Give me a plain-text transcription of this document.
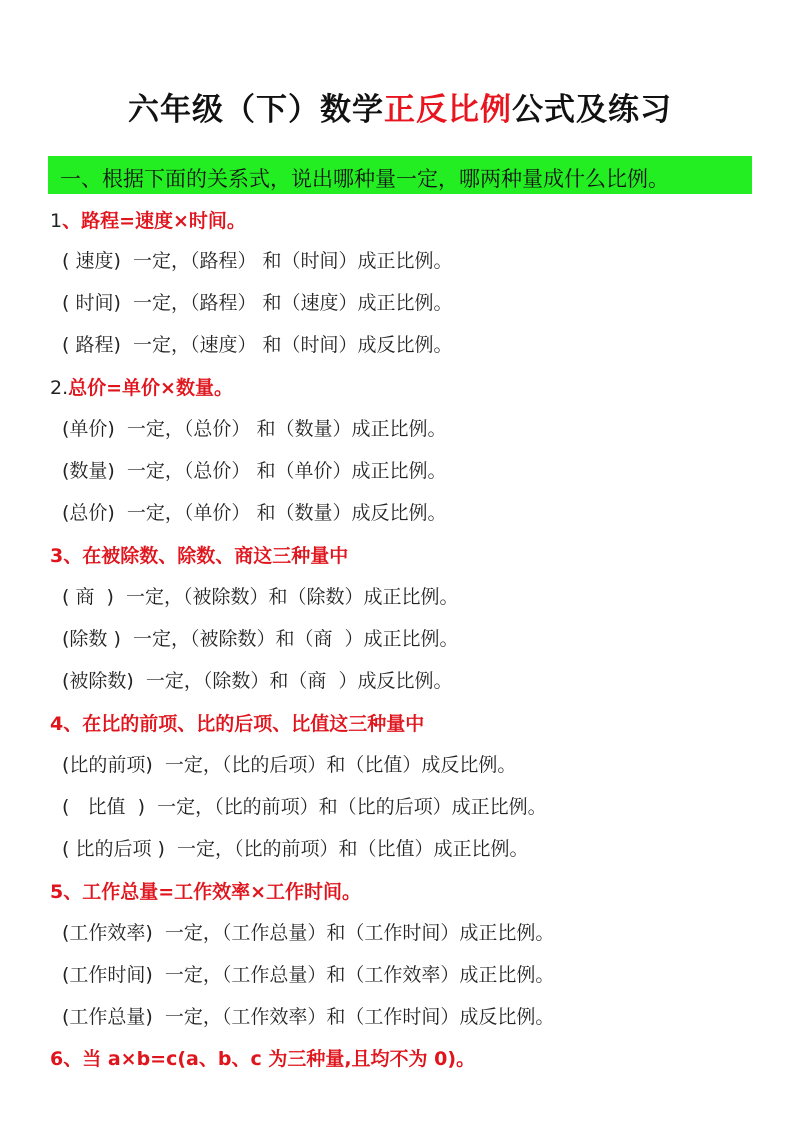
六年级（下）数学正反比例公式及练习
一、根据下面的关系式，说出哪种量一定，哪两种量成什么比例。
1、路程=速度×时间。
( 速度)  一定，（路程） 和（时间）成正比例。
( 时间)  一定，（路程） 和（速度）成正比例。
( 路程)  一定，（速度） 和（时间）成反比例。
2.总价=单价×数量。
(单价)  一定，（总价） 和（数量）成正比例。
(数量)  一定，（总价） 和（单价）成正比例。
(总价)  一定，（单价） 和（数量）成反比例。
3、在被除数、除数、商这三种量中
( 商  )  一定，（被除数）和（除数）成正比例。
(除数 )  一定，（被除数）和（商  ）成正比例。
(被除数)  一定，（除数）和（商  ）成反比例。
4、在比的前项、比的后项、比值这三种量中
(比的前项)  一定，（比的后项）和（比值）成反比例。
(   比值  )  一定，（比的前项）和（比的后项）成正比例。
( 比的后项 )  一定，（比的前项）和（比值）成正比例。
5、工作总量=工作效率×工作时间。
(工作效率)  一定，（工作总量）和（工作时间）成正比例。
(工作时间)  一定，（工作总量）和（工作效率）成正比例。
(工作总量)  一定，（工作效率）和（工作时间）成反比例。
6、当 a×b=c(a、b、c 为三种量,且均不为 0)。
